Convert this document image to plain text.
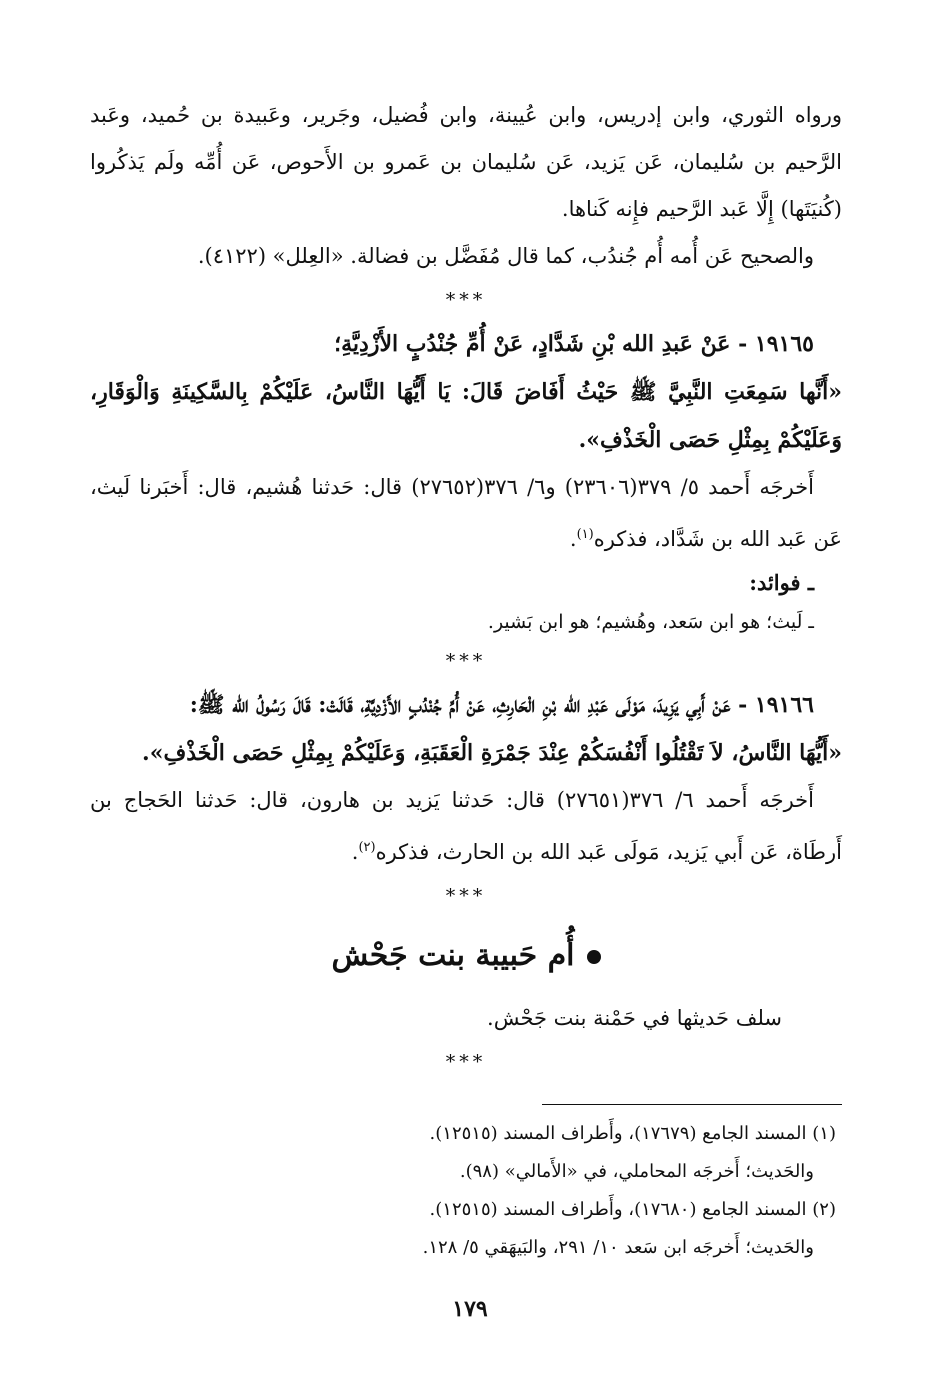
ورواه الثوري، وابن إدريس، وابن عُيينة، وابن فُضيل، وجَرير، وعَبيدة بن حُميد، وعَبد الرَّحيم بن سُليمان، عَن يَزيد، عَن سُليمان بن عَمرو بن الأَحوص، عَن أُمِّه ولَم يَذكُروا (كُنيَتَها) إِلَّا عَبد الرَّحيم فإِنه كَناها.

والصحيح عَن أُمه أُم جُندُب، كما قال مُفَضَّل بن فضالة. «العِلل» (٤١٢٢).

***

١٩١٦٥ - عَنْ عَبدِ الله بْنِ شَدَّادٍ، عَنْ أُمِّ جُنْدُبٍ الأَزْدِيَّةِ؛

«أَنَّها سَمِعَتِ النَّبِيَّ ﷺ حَيْثُ أَفَاضَ قَالَ: يَا أَيُّهَا النَّاسُ، عَلَيْكُمْ بِالسَّكِينَةِ وَالْوَقَارِ، وَعَلَيْكُمْ بِمِثْلِ حَصَى الْخَذْفِ».

أَخرجَه أَحمد ٥/ ٣٧٩(٢٣٦٠٦) و٦/ ٣٧٦(٢٧٦٥٢) قال: حَدثنا هُشيم، قال: أَخبَرنا لَيث، عَن عَبد الله بن شَدَّاد، فذكره$^{(١)}$.

ـ فوائد:

ـ لَيث؛ هو ابن سَعد، وهُشيم؛ هو ابن بَشير.

***

١٩١٦٦ - عَنْ أَبِي يَزِيدَ، مَوْلَى عَبْدِ الله بْنِ الْحَارِثِ، عَنْ أُمِّ جُنْدُبٍ الأَزْدِيَّةِ، قَالَتْ: قَالَ رَسُولُ الله ﷺ:

«أَيُّهَا النَّاسُ، لاَ تَقْتُلُوا أَنْفُسَكُمْ عِنْدَ جَمْرَةِ الْعَقَبَةِ، وَعَلَيْكُمْ بِمِثْلِ حَصَى الْخَذْفِ».

أَخرجَه أَحمد ٦/ ٣٧٦(٢٧٦٥١) قال: حَدثنا يَزيد بن هارون، قال: حَدثنا الحَجاج بن أَرطَاة، عَن أَبي يَزيد، مَولَى عَبد الله بن الحارث، فذكره$^{(٢)}$.

***

أُم حَبيبة بنت جَحْش

سلف حَديثها في حَمْنة بنت جَحْش.

***

(١) المسند الجامع (١٧٦٧٩)، وأَطراف المسند (١٢٥١٥).

والحَديث؛ أَخرجَه المحاملي، في «الأَمالي» (٩٨).

(٢) المسند الجامع (١٧٦٨٠)، وأَطراف المسند (١٢٥١٥).

والحَديث؛ أَخرجَه ابن سَعد ١٠/ ٢٩١، والبَيهَقي ٥/ ١٢٨.

١٧٩
